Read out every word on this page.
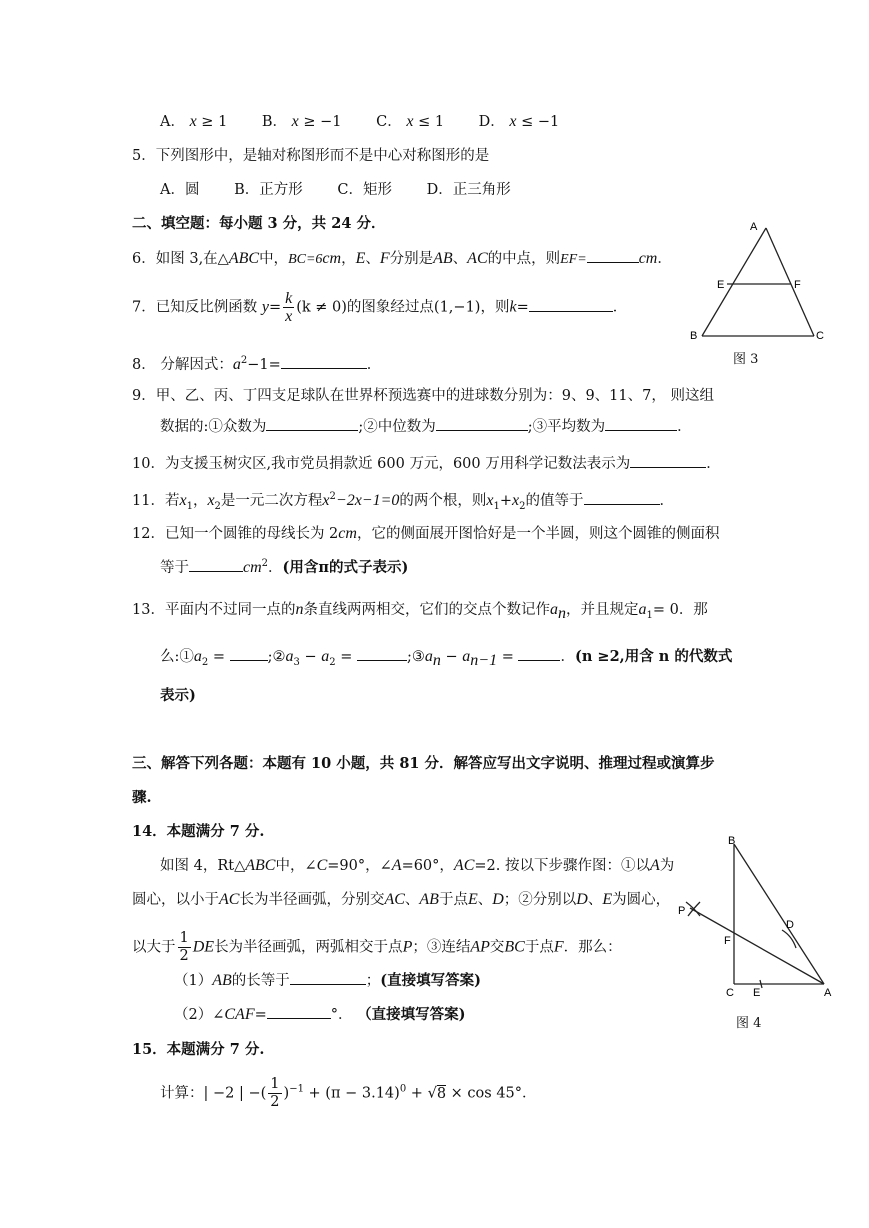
A． x ≥ 1 B． x ≥ −1 C． x ≤ 1 D． x ≤ −1
5．下列图形中，是轴对称图形而不是中心对称图形的是
A．圆 B．正方形 C．矩形 D．正三角形
二、填空题：每小题 3 分，共 24 分．
6．如图 3,在△ABC中，BC=6cm，E、F分别是AB、AC的中点，则EF=	cm．
7．已知反比例函数 $y= \frac{k}{x} (k \ne 0)$的图象经过点(1,−1)，则k=	．
8． 分解因式：$a^2-1=$	．
9．甲、乙、丙、丁四支足球队在世界杯预选赛中的进球数分别为：9、9、11、7， 则这组
数据的:①众数为	;②中位数为	;③平均数为	．
10．为支援玉树灾区,我市党员捐款近 600 万元，600 万用科学记数法表示为	．
11．若$x_1$，$x_2$是一元二次方程$x^2-2x-1=0$的两个根，则$x_1+x_2$的值等于	．
12．已知一个圆锥的母线长为 2cm，它的侧面展开图恰好是一个半圆，则这个圆锥的侧面积
等于	$cm^2$．(用含π的式子表示)
13．平面内不过同一点的n条直线两两相交，它们的交点个数记作$a_n$，并且规定$a_1= 0$．那
么$:①a_2$ =	$;②a_3 - a_2$ =	$;③a_n - a_{n-1}$ =	．(n ≥2,用含 n 的代数式
表示)
三、解答下列各题：本题有 10 小题，共 81 分．解答应写出文字说明、推理过程或演算步
骤.
14．本题满分 7 分.
如图 4，Rt△ABC中，∠C=90°，∠A=60°，AC=2. 按以下步骤作图：①以A为
圆心，以小于AC长为半径画弧，分别交AC、AB于点E、D；②分别以D、E为圆心，
以大于 $\frac{1}{2}$ DE长为半径画弧，两弧相交于点P；③连结AP交BC于点F．那么：
（1）AB的长等于	；(直接填写答案)
（2）∠CAF=	°． （直接填写答案)
15．本题满分 7 分.
计算：| −2 | −( $\frac{1}{2} )^{-1} + (\pi - 3.14)^0 + √8 \times \cos 45^\circ$．
A
B	C
E	F
图 3
B
C	A
D
E
F
P
图 4
